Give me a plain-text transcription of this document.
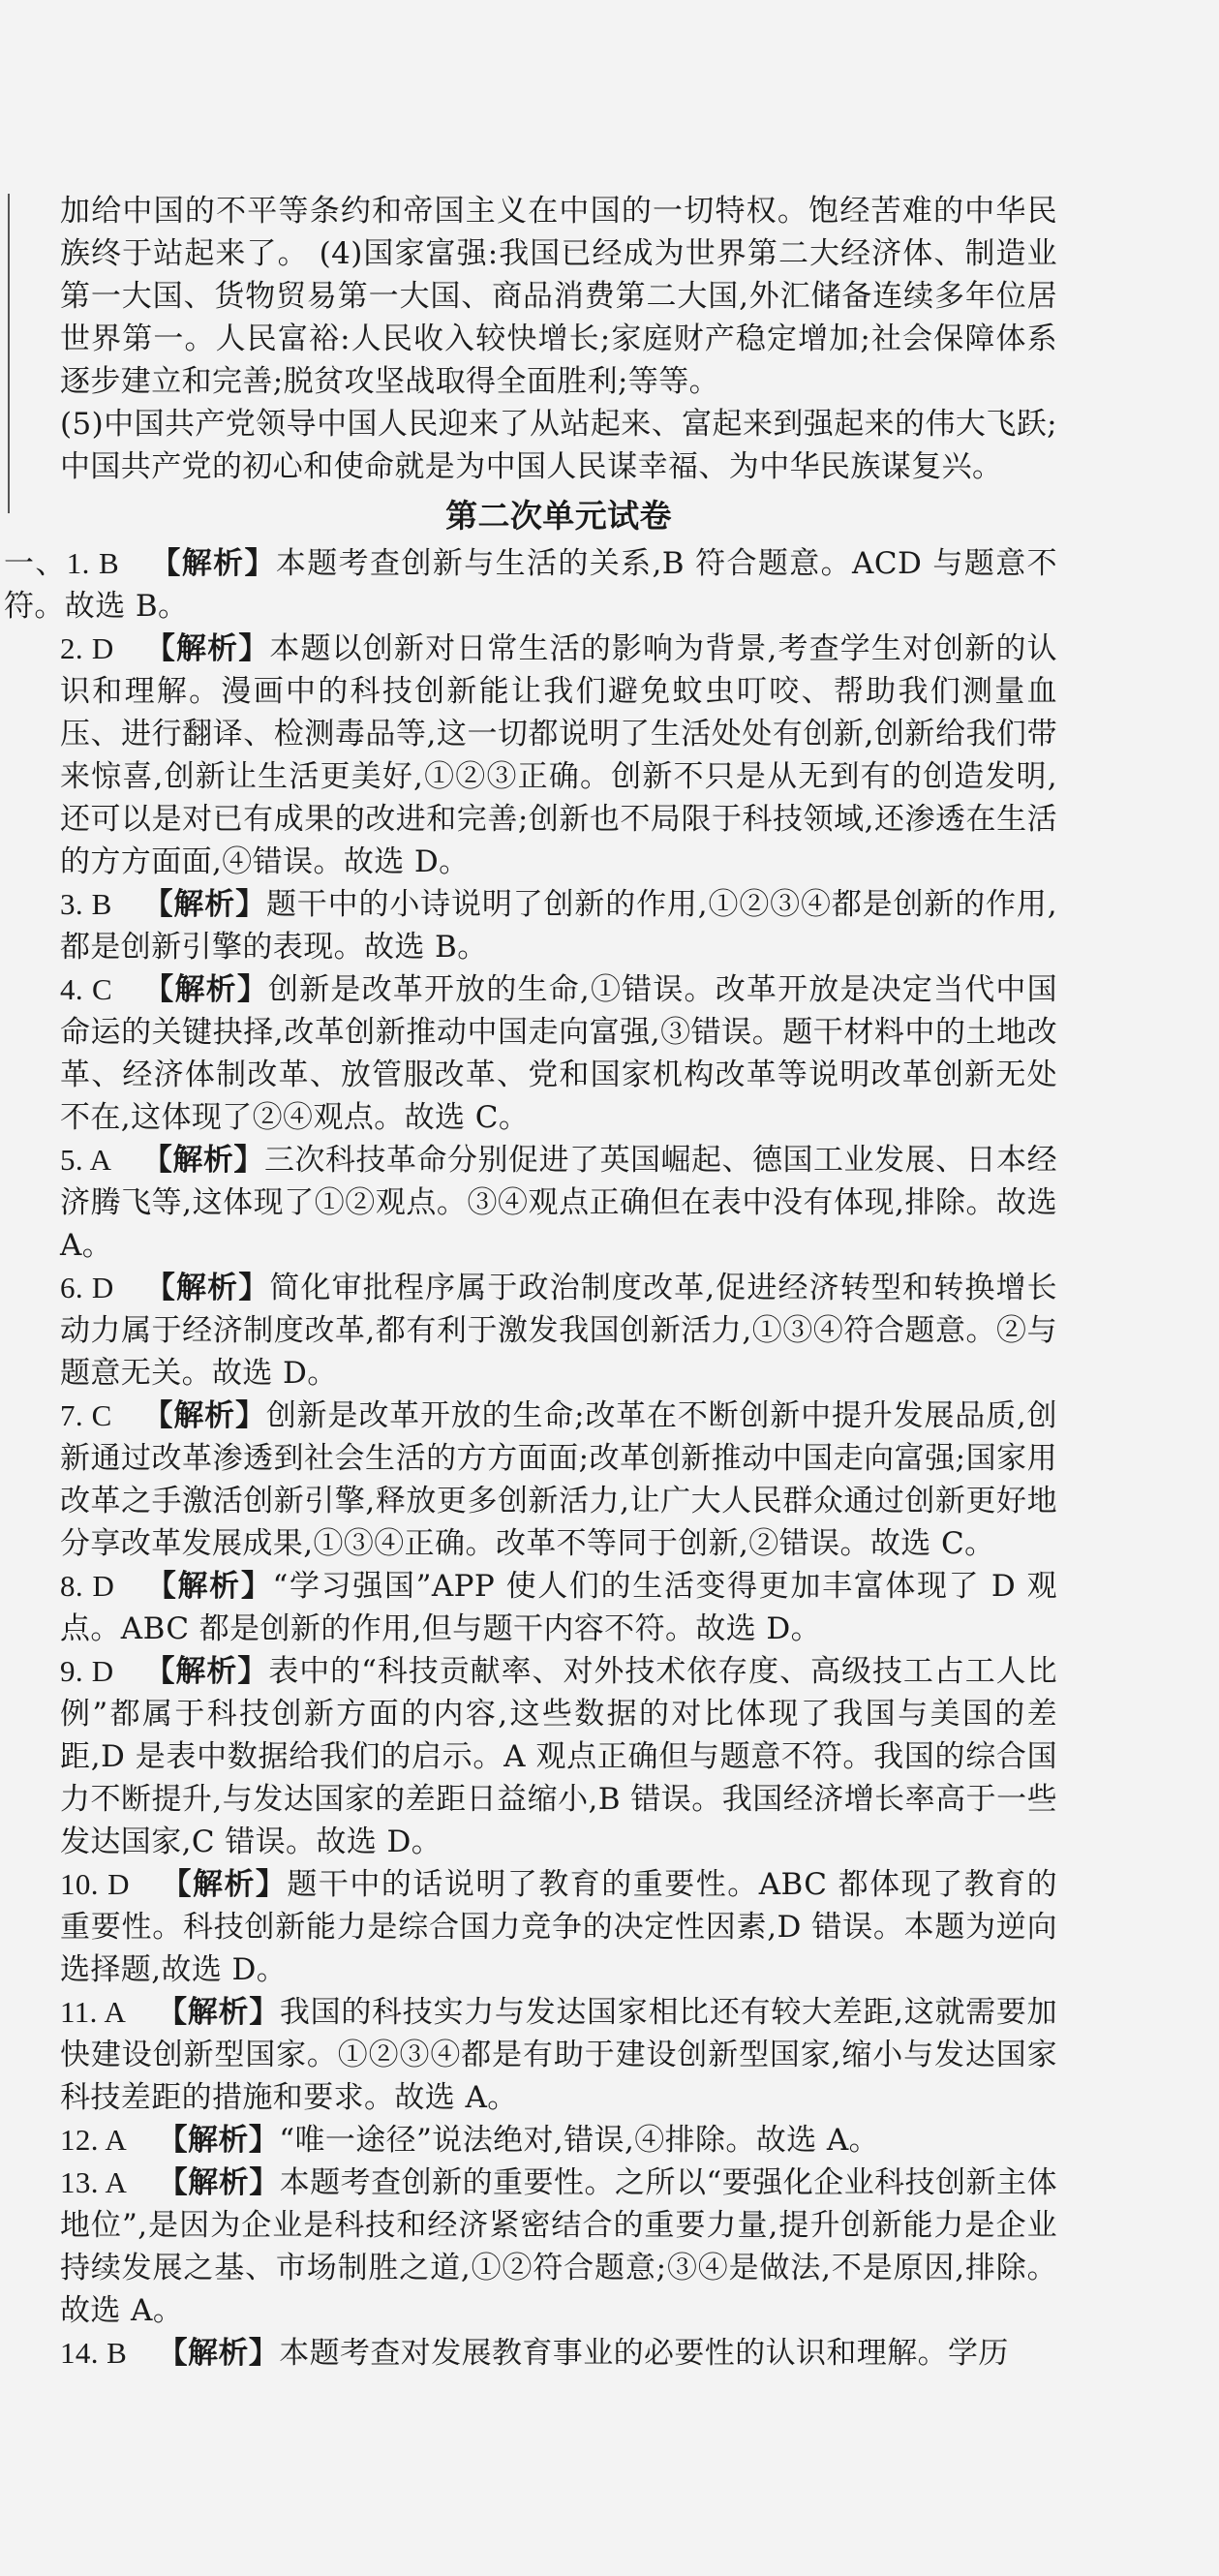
加给中国的不平等条约和帝国主义在中国的一切特权。饱经苦难的中华民族终于站起来了。 (4)国家富强:我国已经成为世界第二大经济体、制造业第一大国、货物贸易第一大国、商品消费第二大国,外汇储备连续多年位居世界第一。人民富裕:人民收入较快增长;家庭财产稳定增加;社会保障体系逐步建立和完善;脱贫攻坚战取得全面胜利;等等。

(5)中国共产党领导中国人民迎来了从站起来、富起来到强起来的伟大飞跃;中国共产党的初心和使命就是为中国人民谋幸福、为中华民族谋复兴。

第二次单元试卷

一、1. B  【解析】本题考查创新与生活的关系,B 符合题意。ACD 与题意不符。故选 B。

2. D  【解析】本题以创新对日常生活的影响为背景,考查学生对创新的认识和理解。漫画中的科技创新能让我们避免蚊虫叮咬、帮助我们测量血压、进行翻译、检测毒品等,这一切都说明了生活处处有创新,创新给我们带来惊喜,创新让生活更美好,①②③正确。创新不只是从无到有的创造发明,还可以是对已有成果的改进和完善;创新也不局限于科技领域,还渗透在生活的方方面面,④错误。故选 D。

3. B  【解析】题干中的小诗说明了创新的作用,①②③④都是创新的作用,都是创新引擎的表现。故选 B。

4. C  【解析】创新是改革开放的生命,①错误。改革开放是决定当代中国命运的关键抉择,改革创新推动中国走向富强,③错误。题干材料中的土地改革、经济体制改革、放管服改革、党和国家机构改革等说明改革创新无处不在,这体现了②④观点。故选 C。

5. A  【解析】三次科技革命分别促进了英国崛起、德国工业发展、日本经济腾飞等,这体现了①②观点。③④观点正确但在表中没有体现,排除。故选 A。

6. D  【解析】简化审批程序属于政治制度改革,促进经济转型和转换增长动力属于经济制度改革,都有利于激发我国创新活力,①③④符合题意。②与题意无关。故选 D。

7. C  【解析】创新是改革开放的生命;改革在不断创新中提升发展品质,创新通过改革渗透到社会生活的方方面面;改革创新推动中国走向富强;国家用改革之手激活创新引擎,释放更多创新活力,让广大人民群众通过创新更好地分享改革发展成果,①③④正确。改革不等同于创新,②错误。故选 C。

8. D  【解析】“学习强国”APP 使人们的生活变得更加丰富体现了 D 观点。ABC 都是创新的作用,但与题干内容不符。故选 D。

9. D  【解析】表中的“科技贡献率、对外技术依存度、高级技工占工人比例”都属于科技创新方面的内容,这些数据的对比体现了我国与美国的差距,D 是表中数据给我们的启示。A 观点正确但与题意不符。我国的综合国力不断提升,与发达国家的差距日益缩小,B 错误。我国经济增长率高于一些发达国家,C 错误。故选 D。

10. D  【解析】题干中的话说明了教育的重要性。ABC 都体现了教育的重要性。科技创新能力是综合国力竞争的决定性因素,D 错误。本题为逆向选择题,故选 D。

11. A  【解析】我国的科技实力与发达国家相比还有较大差距,这就需要加快建设创新型国家。①②③④都是有助于建设创新型国家,缩小与发达国家科技差距的措施和要求。故选 A。

12. A  【解析】“唯一途径”说法绝对,错误,④排除。故选 A。

13. A  【解析】本题考查创新的重要性。之所以“要强化企业科技创新主体地位”,是因为企业是科技和经济紧密结合的重要力量,提升创新能力是企业持续发展之基、市场制胜之道,①②符合题意;③④是做法,不是原因,排除。故选 A。

14. B  【解析】本题考查对发展教育事业的必要性的认识和理解。学历
